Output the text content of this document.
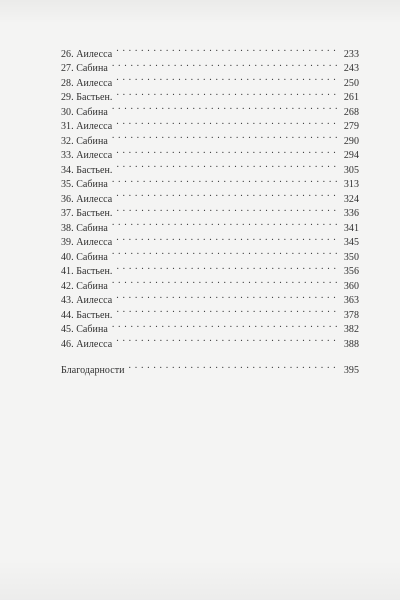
26. Аилесса . . .	233
27. Сабина . . .	243
28. Аилесса . . .	250
29. Бастьен. . . .	261
30. Сабина . . .	268
31. Аилесса . . .	279
32. Сабина . . .	290
33. Аилесса . . .	294
34. Бастьен. . . .	305
35. Сабина . . .	313
36. Аилесса . . .	324
37. Бастьен. . . .	336
38. Сабина . . .	341
39. Аилесса . . .	345
40. Сабина . . .	350
41. Бастьен. . . .	356
42. Сабина . . .	360
43. Аилесса . . .	363
44. Бастьен. . . .	378
45. Сабина . . .	382
46. Аилесса . . .	388
Благодарности . . .	395
